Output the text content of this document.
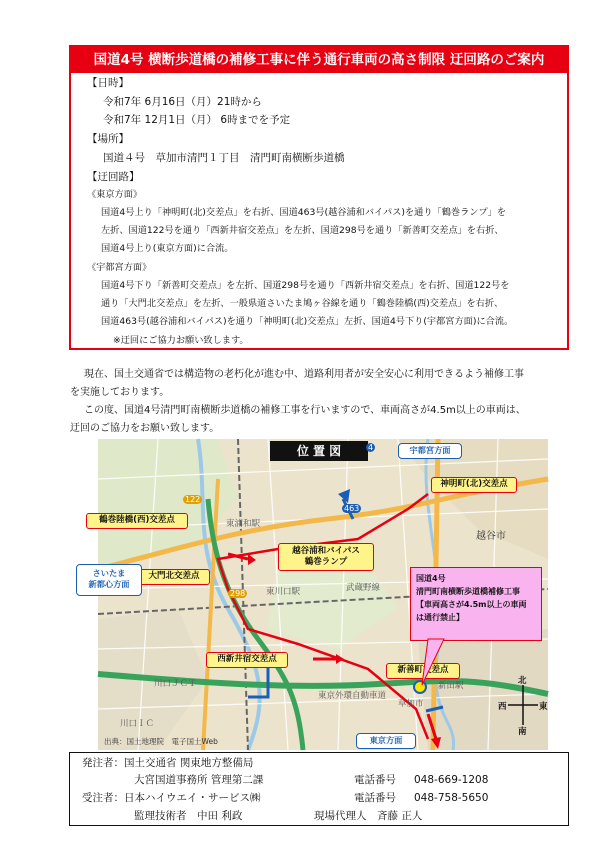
国道4号 横断歩道橋の補修工事に伴う通行車両の高さ制限 迂回路のご案内
【日時】
令和7年 6月16日（月）21時から
令和7年 12月1日（月） 6時までを予定
【場所】
国道４号　草加市清門１丁目　清門町南横断歩道橋
【迂回路】
《東京方面》
国道4号上り「神明町(北)交差点」を右折、国道463号(越谷浦和バイパス)を通り「鶴巻ランプ」を
左折、国道122号を通り「西新井宿交差点」を左折、国道298号を通り「新善町交差点」を右折、
国道4号上り(東京方面)に合流。
《宇都宮方面》
国道4号下り「新善町交差点」を左折、国道298号を通り「西新井宿交差点」を右折、国道122号を
通り「大門北交差点」を左折、一般県道さいたま鳩ヶ谷線を通り「鶴巻陸橋(西)交差点」を右折、
国道463号(越谷浦和バイパス)を通り「神明町(北)交差点」左折、国道4号下り(宇都宮方面)に合流。
※迂回にご協力お願い致します。
現在、国土交通省では構造物の老朽化が進む中、道路利用者が安全安心に利用できるよう補修工事
を実施しております。
この度、国道4号清門町南横断歩道橋の補修工事を行いますので、車両高さが4.5m以上の車両は、
迂回のご協力をお願い致します。
位 置 図
463
122
298
4
越谷市
東浦和駅
東川口駅
川口ＪＣＴ
川口ＩＣ
武蔵野線
東京外環自動車道
草加市
新田駅
神明町(北)交差点
鶴巻陸橋(西)交差点
越谷浦和バイパス
鶴巻ランプ
大門北交差点
西新井宿交差点
新善町交差点
宇都宮方面
さいたま
新都心方面
東京方面
国道4号
清門町南横断歩道橋補修工事
【車両高さが4.5m以上の車両
は通行禁止】
北
南
東
西
出典：国土地理院　電子国土Web
発注者：国土交通省 関東地方整備局
大宮国道事務所 管理第二課	電話番号 048-669-1208
受注者：日本ハイウエイ・サービス㈱	電話番号 048-758-5650
監理技術者　中田 利政	現場代理人　斉藤 正人
